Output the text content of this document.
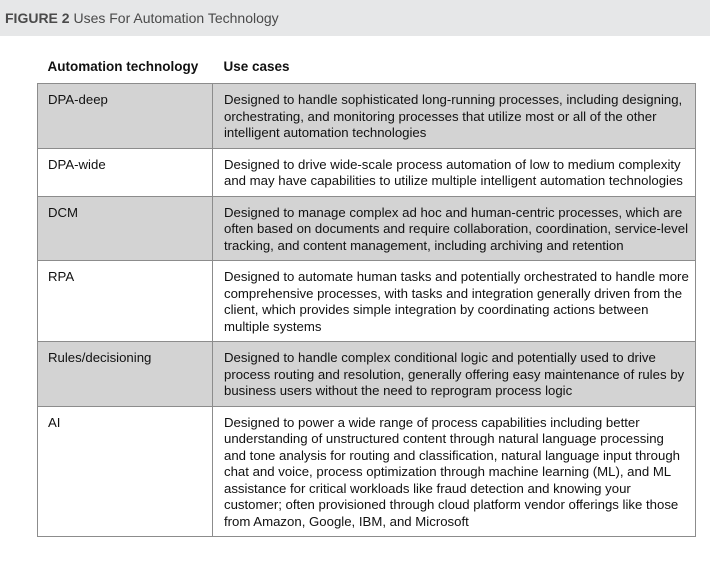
FIGURE 2 Uses For Automation Technology
Automation technology	Use cases
DPA-deep	Designed to handle sophisticated long-running processes, including designing, orchestrating, and monitoring processes that utilize most or all of the other intelligent automation technologies
DPA-wide	Designed to drive wide-scale process automation of low to medium complexity and may have capabilities to utilize multiple intelligent automation technologies
DCM	Designed to manage complex ad hoc and human-centric processes, which are often based on documents and require collaboration, coordination, service-level tracking, and content management, including archiving and retention
RPA	Designed to automate human tasks and potentially orchestrated to handle more comprehensive processes, with tasks and integration generally driven from the client, which provides simple integration by coordinating actions between multiple systems
Rules/decisioning	Designed to handle complex conditional logic and potentially used to drive process routing and resolution, generally offering easy maintenance of rules by business users without the need to reprogram process logic
AI	Designed to power a wide range of process capabilities including better understanding of unstructured content through natural language processing and tone analysis for routing and classification, natural language input through chat and voice, process optimization through machine learning (ML), and ML assistance for critical workloads like fraud detection and knowing your customer; often provisioned through cloud platform vendor offerings like those from Amazon, Google, IBM, and Microsoft
